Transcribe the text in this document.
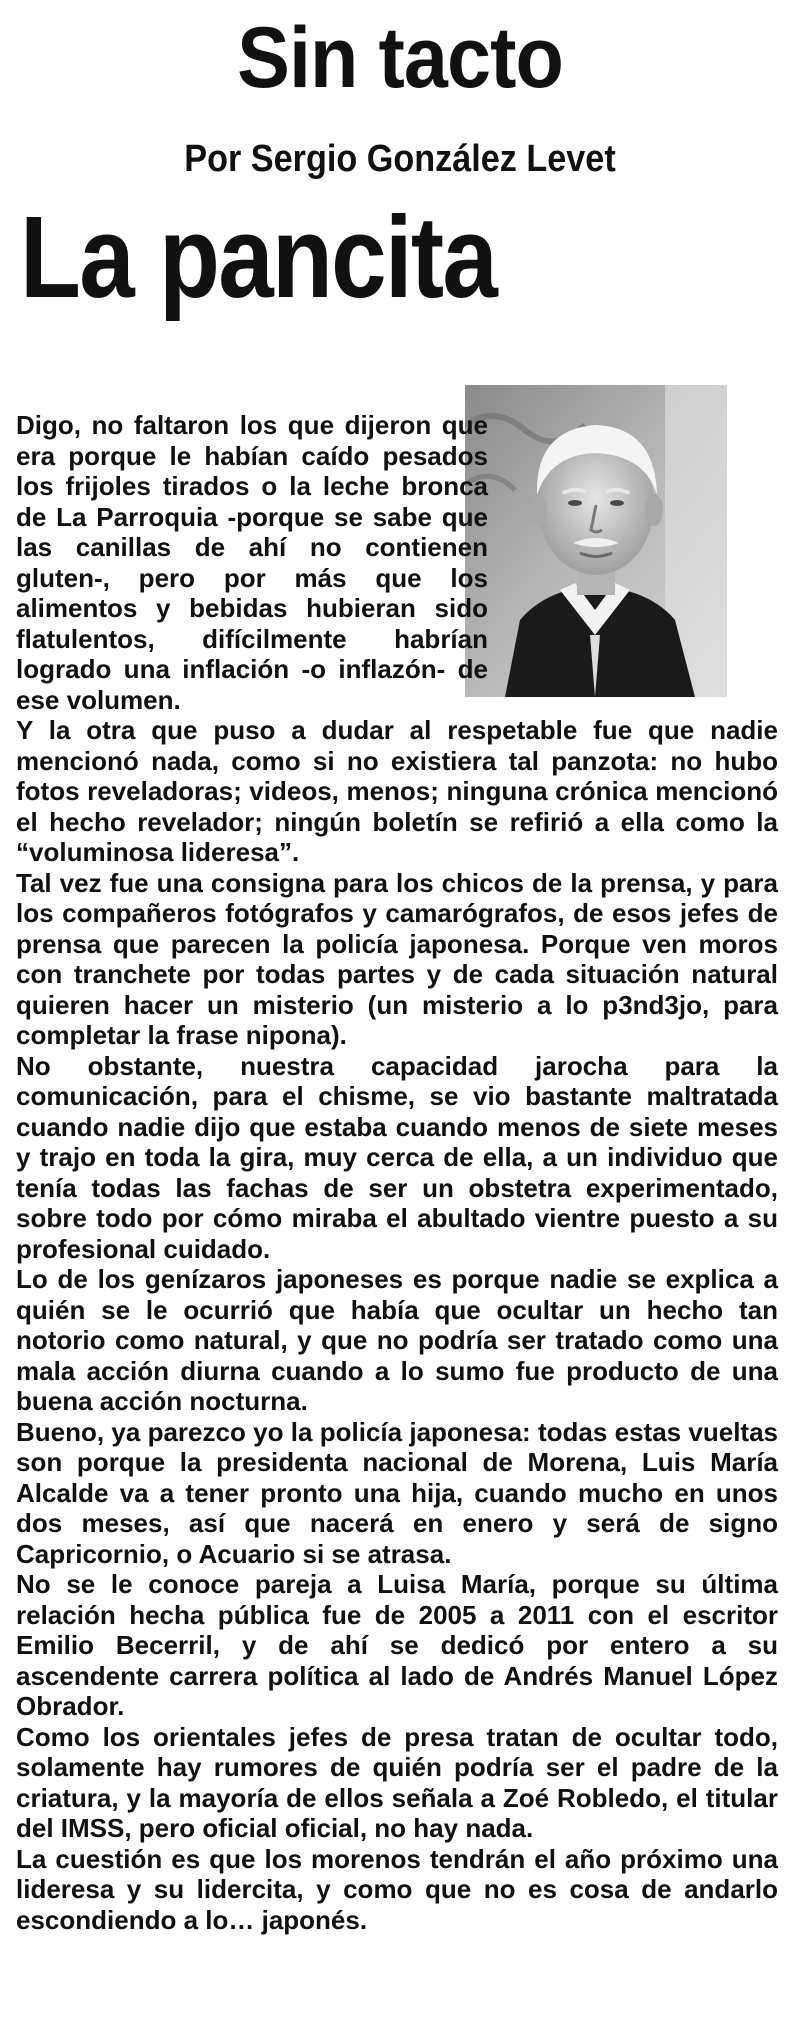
Sin tacto
Por Sergio González Levet
La pancita

Digo, no faltaron los que dijeron que era porque le habían caído pesados los frijoles tirados o la leche bronca de La Parroquia -porque se sabe que las canillas de ahí no contienen gluten-, pero por más que los alimentos y bebidas hubieran sido flatulentos, difícilmente habrían logrado una inflación -o inflazón- de ese volumen.

Y la otra que puso a dudar al respetable fue que nadie mencionó nada, como si no existiera tal panzota: no hubo fotos reveladoras; videos, menos; ninguna crónica mencionó el hecho revelador; ningún boletín se refirió a ella como la “voluminosa lideresa”.

Tal vez fue una consigna para los chicos de la prensa, y para los compañeros fotógrafos y camarógrafos, de esos jefes de prensa que parecen la policía japonesa. Porque ven moros con tranchete por todas partes y de cada situación natural quieren hacer un misterio (un misterio a lo p3nd3jo, para completar la frase nipona).

No obstante, nuestra capacidad jarocha para la comunicación, para el chisme, se vio bastante maltratada cuando nadie dijo que estaba cuando menos de siete meses y trajo en toda la gira, muy cerca de ella, a un individuo que tenía todas las fachas de ser un obstetra experimentado, sobre todo por cómo miraba el abultado vientre puesto a su profesional cuidado.

Lo de los genízaros japoneses es porque nadie se explica a quién se le ocurrió que había que ocultar un hecho tan notorio como natural, y que no podría ser tratado como una mala acción diurna cuando a lo sumo fue producto de una buena acción nocturna.

Bueno, ya parezco yo la policía japonesa: todas estas vueltas son porque la presidenta nacional de Morena, Luis María Alcalde va a tener pronto una hija, cuando mucho en unos dos meses, así que nacerá en enero y será de signo Capricornio, o Acuario si se atrasa.

No se le conoce pareja a Luisa María, porque su última relación hecha pública fue de 2005 a 2011 con el escritor Emilio Becerril, y de ahí se dedicó por entero a su ascendente carrera política al lado de Andrés Manuel López Obrador.

Como los orientales jefes de presa tratan de ocultar todo, solamente hay rumores de quién podría ser el padre de la criatura, y la mayoría de ellos señala a Zoé Robledo, el titular del IMSS, pero oficial oficial, no hay nada.

La cuestión es que los morenos tendrán el año próximo una lideresa y su lidercita, y como que no es cosa de andarlo escondiendo a lo… japonés.
